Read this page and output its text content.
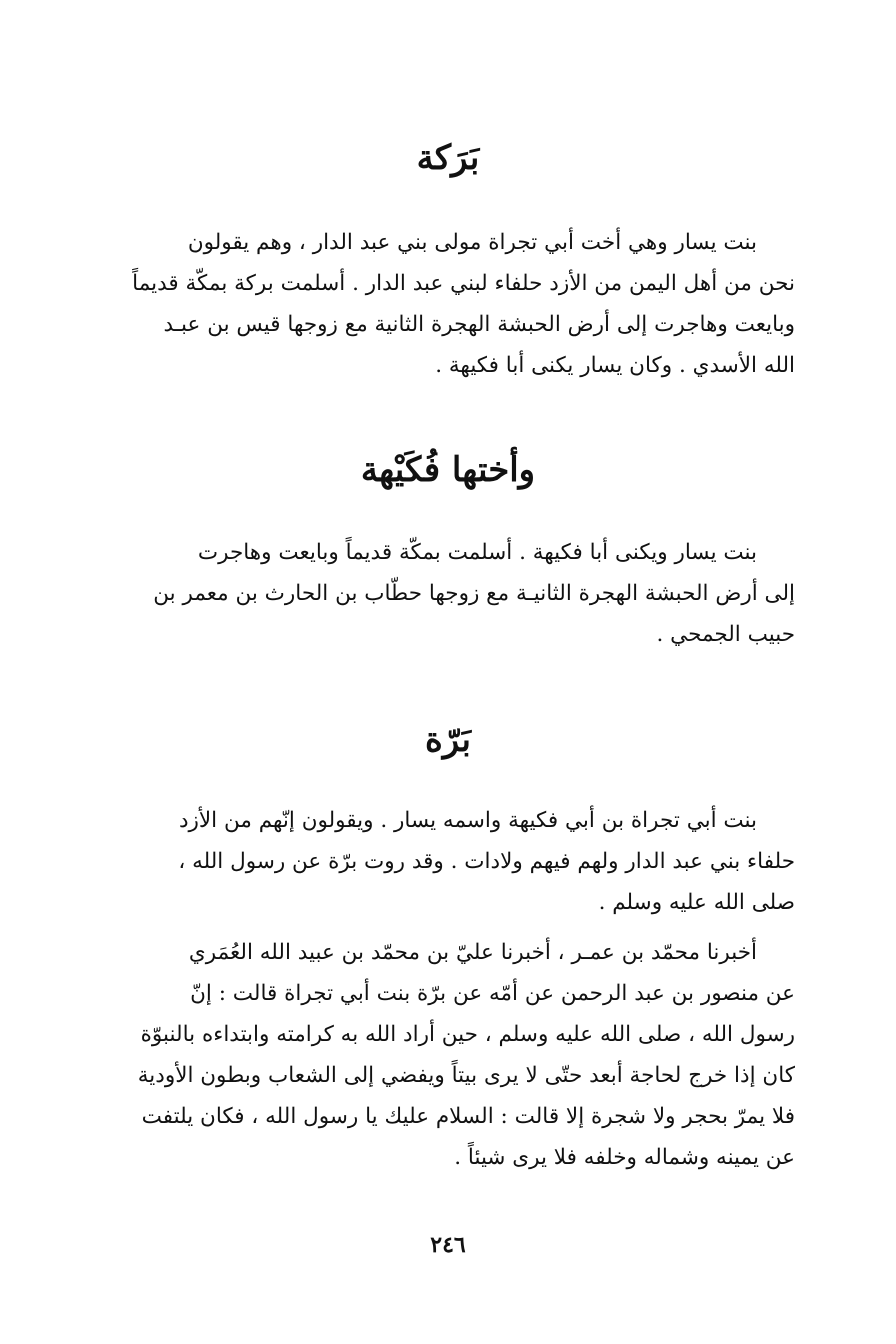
بَرَكة
بنت يسار وهي أخت أبي تجراة مولى بني عبد الدار ، وهم يقولون
نحن من أهل اليمن من الأزد حلفاء لبني عبد الدار . أسلمت بركة بمكّة قديماً
وبايعت وهاجرت إلى أرض الحبشة الهجرة الثانية مع زوجها قيس بن عبـد
الله الأسدي . وكان يسار يكنى أبا فكيهة .
وأختها فُكَيْهة
بنت يسار ويكنى أبا فكيهة . أسلمت بمكّة قديماً وبايعت وهاجرت
إلى أرض الحبشة الهجرة الثانيـة مع زوجها حطّاب بن الحارث بن معمر بن
حبيب الجمحي .
بَرّة
بنت أبي تجراة بن أبي فكيهة واسمه يسار . ويقولون إنّهم من الأزد
حلفاء بني عبد الدار ولهم فيهم ولادات . وقد روت برّة عن رسول الله ،
صلى الله عليه وسلم .
أخبرنا محمّد بن عمـر ، أخبرنا عليّ بن محمّد بن عبيد الله العُمَري
عن منصور بن عبد الرحمن عن أمّه عن برّة بنت أبي تجراة قالت : إنّ
رسول الله ، صلى الله عليه وسلم ، حين أراد الله به كرامته وابتداءه بالنبوّة
كان إذا خرج لحاجة أبعد حتّى لا يرى بيتاً ويفضي إلى الشعاب وبطون الأودية
فلا يمرّ بحجر ولا شجرة إلا قالت : السلام عليك يا رسول الله ، فكان يلتفت
عن يمينه وشماله وخلفه فلا يرى شيئاً .
٢٤٦
